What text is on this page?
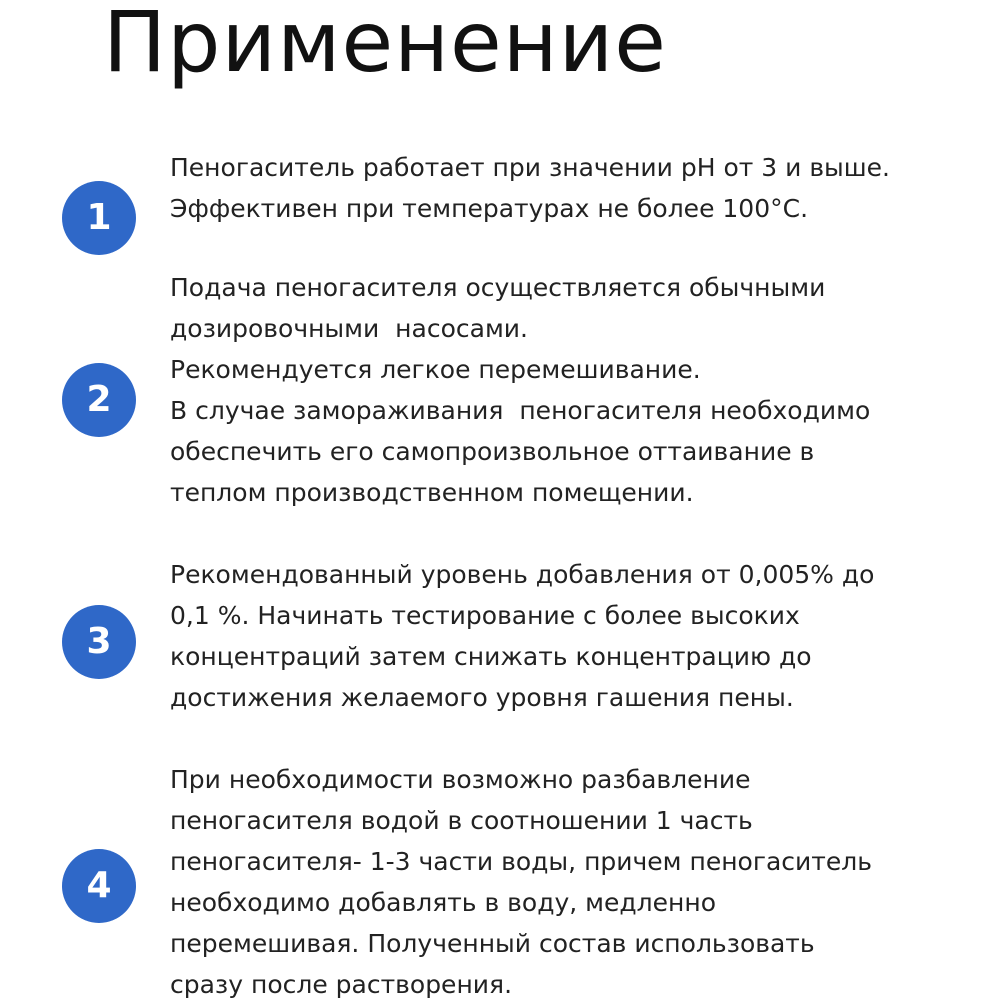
Применение
1
Пеногаситель работает при значении pH от 3 и выше.
Эффективен при температурах не более 100°С.
2
Подача пеногасителя осуществляется обычными
дозировочными  насосами.
Рекомендуется легкое перемешивание.
В случае замораживания  пеногасителя необходимо
обеспечить его самопроизвольное оттаивание в
теплом производственном помещении.
3
Рекомендованный уровень добавления от 0,005% до
0,1 %. Начинать тестирование с более высоких
концентраций затем снижать концентрацию до
достижения желаемого уровня гашения пены.
4
При необходимости возможно разбавление
пеногасителя водой в соотношении 1 часть
пеногасителя- 1-3 части воды, причем пеногаситель
необходимо добавлять в воду, медленно
перемешивая. Полученный состав использовать
сразу после растворения.
